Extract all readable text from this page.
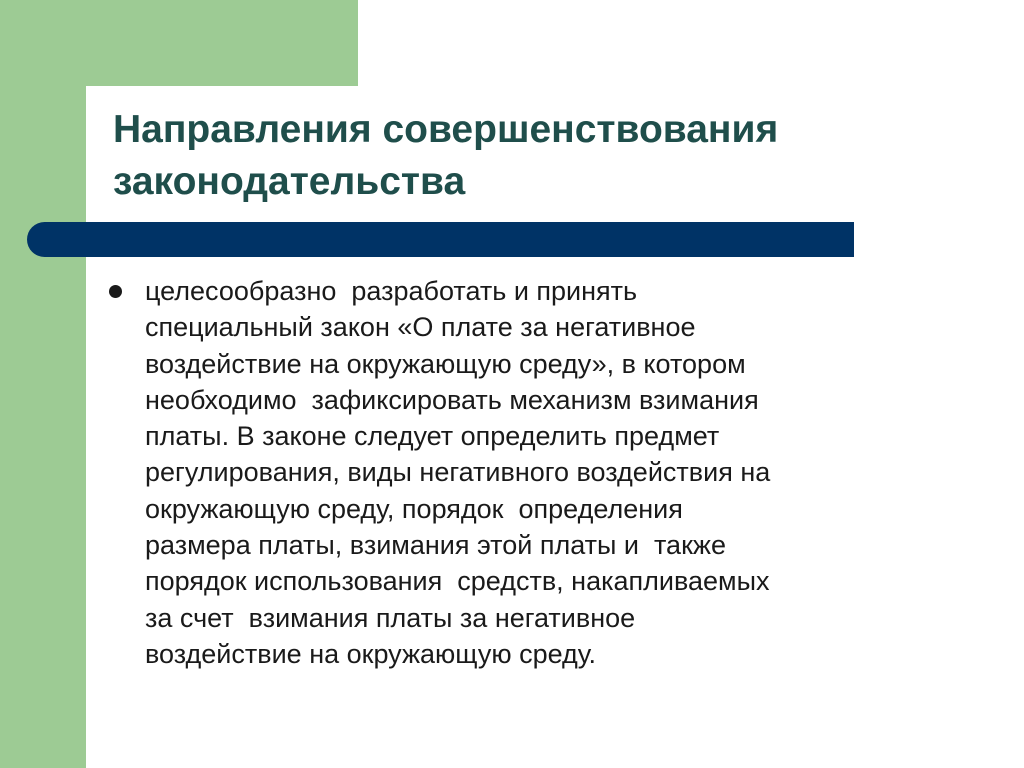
Направления совершенствования
законодательства

целесообразно  разработать и принять
специальный закон «О плате за негативное
воздействие на окружающую среду», в котором
необходимо  зафиксировать механизм взимания
платы. В законе следует определить предмет
регулирования, виды негативного воздействия на
окружающую среду, порядок  определения
размера платы, взимания этой платы и  также
порядок использования  средств, накапливаемых
за счет  взимания платы за негативное
воздействие на окружающую среду.
